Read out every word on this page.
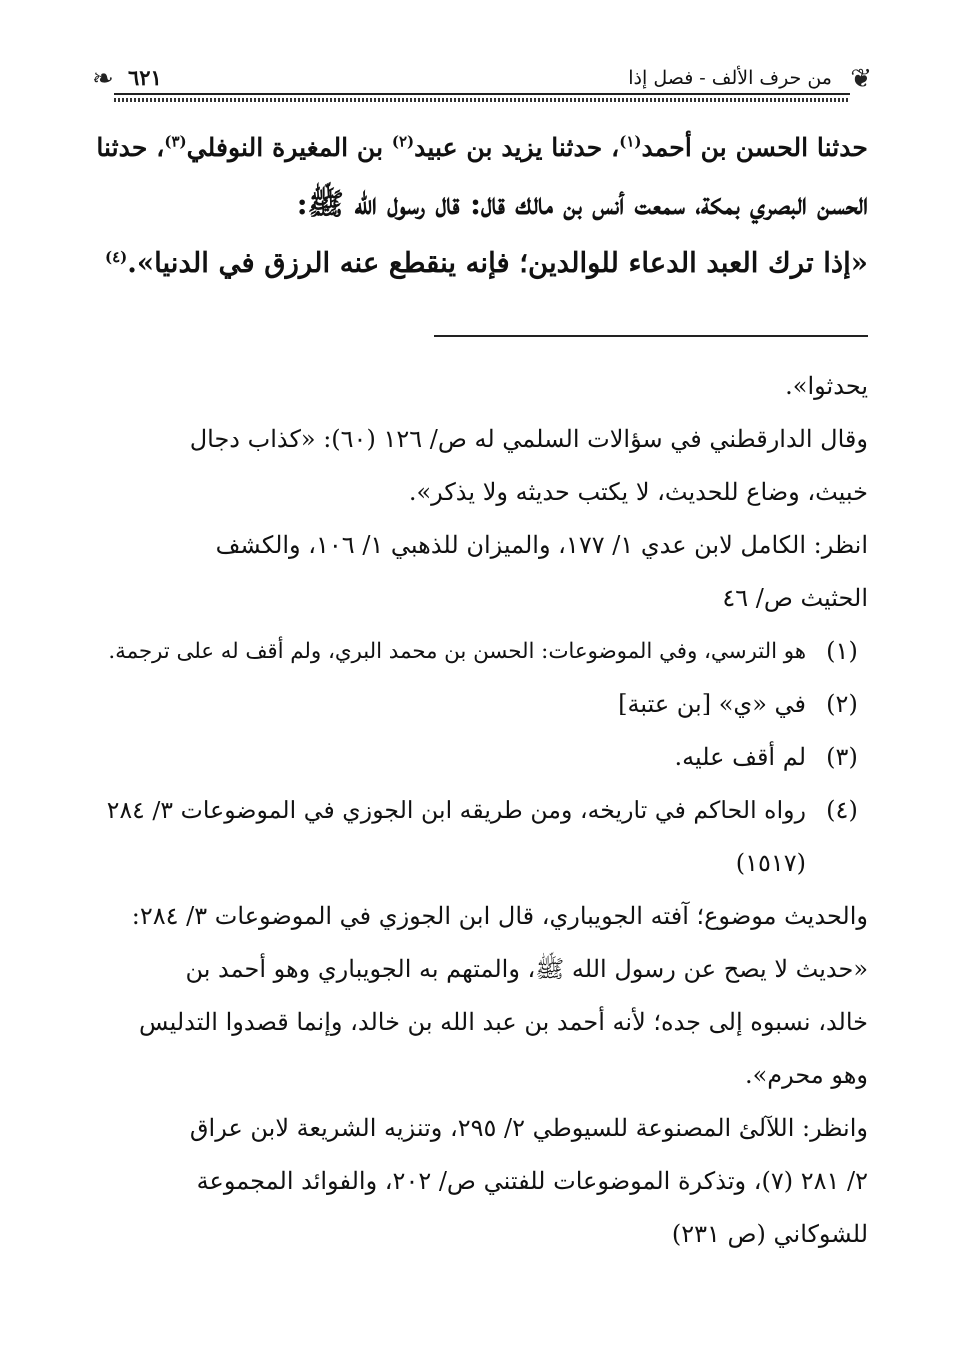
❦
من حرف الألف - فصل إذا
٦٢١
❧

حدثنا الحسن بن أحمد$^{(١)}$، حدثنا يزيد بن عبيد$^{(٢)}$ بن المغيرة النوفلي$^{(٣)}$، حدثنا

الحسن البصري بمكة، سمعت أنس بن مالك قال: قال رسول الله ﷺ:

«إذا ترك العبد الدعاء للوالدين؛ فإنه ينقطع عنه الرزق في الدنيا».$^{(٤)}$

يحدثوا».
وقال الدارقطني في سؤالات السلمي له ص/ ١٢٦ (٦٠): «كذاب دجال
خبيث، وضاع للحديث، لا يكتب حديثه ولا يذكر».
انظر: الكامل لابن عدي ١/ ١٧٧، والميزان للذهبي ١/ ١٠٦، والكشف
الحثيث ص/ ٤٦

(١)
هو الترسي، وفي الموضوعات: الحسن بن محمد البري، ولم أقف له على ترجمة.

(٢)
في «ي» [بن عتبة]

(٣)
لم أقف عليه.

(٤)
رواه الحاكم في تاريخه، ومن طريقه ابن الجوزي في الموضوعات ٣/ ٢٨٤
(١٥١٧)

والحديث موضوع؛ آفته الجويباري، قال ابن الجوزي في الموضوعات ٣/ ٢٨٤:
«حديث لا يصح عن رسول الله ﷺ، والمتهم به الجويباري وهو أحمد بن
خالد، نسبوه إلى جده؛ لأنه أحمد بن عبد الله بن خالد، وإنما قصدوا التدليس
وهو محرم».

وانظر: اللآلئ المصنوعة للسيوطي ٢/ ٢٩٥، وتنزيه الشريعة لابن عراق
٢/ ٢٨١ (٧)، وتذكرة الموضوعات للفتني ص/ ٢٠٢، والفوائد المجموعة
للشوكاني (ص ٢٣١)
